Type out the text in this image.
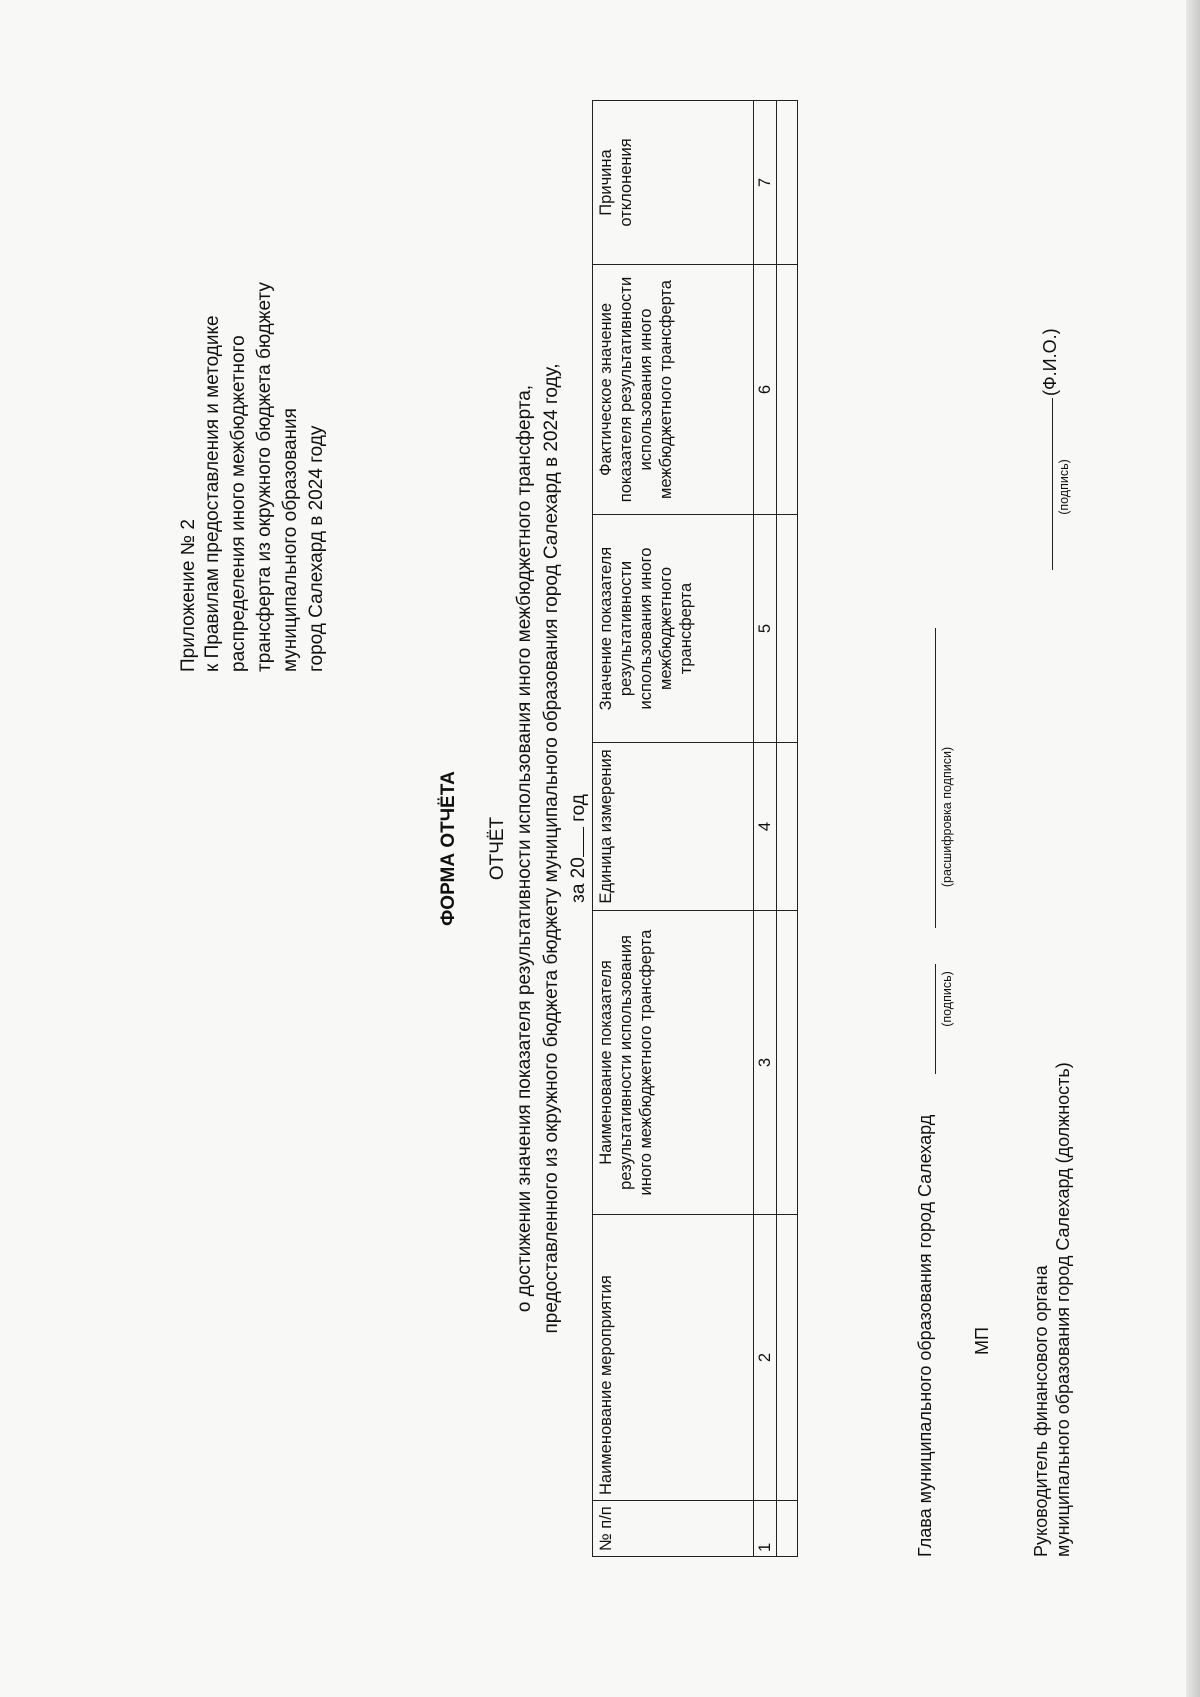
Приложение № 2 к Правилам предоставления и методике распределения иного межбюджетного трансферта из окружного бюджета бюджету муниципального образования город Салехард в 2024 году
ФОРМА ОТЧЁТА ОТЧЁТ о достижении значения показателя результативности использования иного межбюджетного трансферта, предоставленного из окружного бюджета бюджету муниципального образования город Салехард в 2024 году, за 20 год
№ п/п	Наименование мероприятия	Наименование показателя результативности использования иного межбюджетного трансферта	Единица измерения	Значение показателя результативности использования иного межбюджетного трансферта	Фактическое значение показателя результативности использования иного межбюджетного трансферта	Причина отклонения
1	2	3	4	5	6	7

Глава муниципального образования город Салехард
(подпись)
(расшифровка подписи)
МП Руководитель финансового органа муниципального образования город Салехард (должность)
(подпись)
(Ф.И.О.)
